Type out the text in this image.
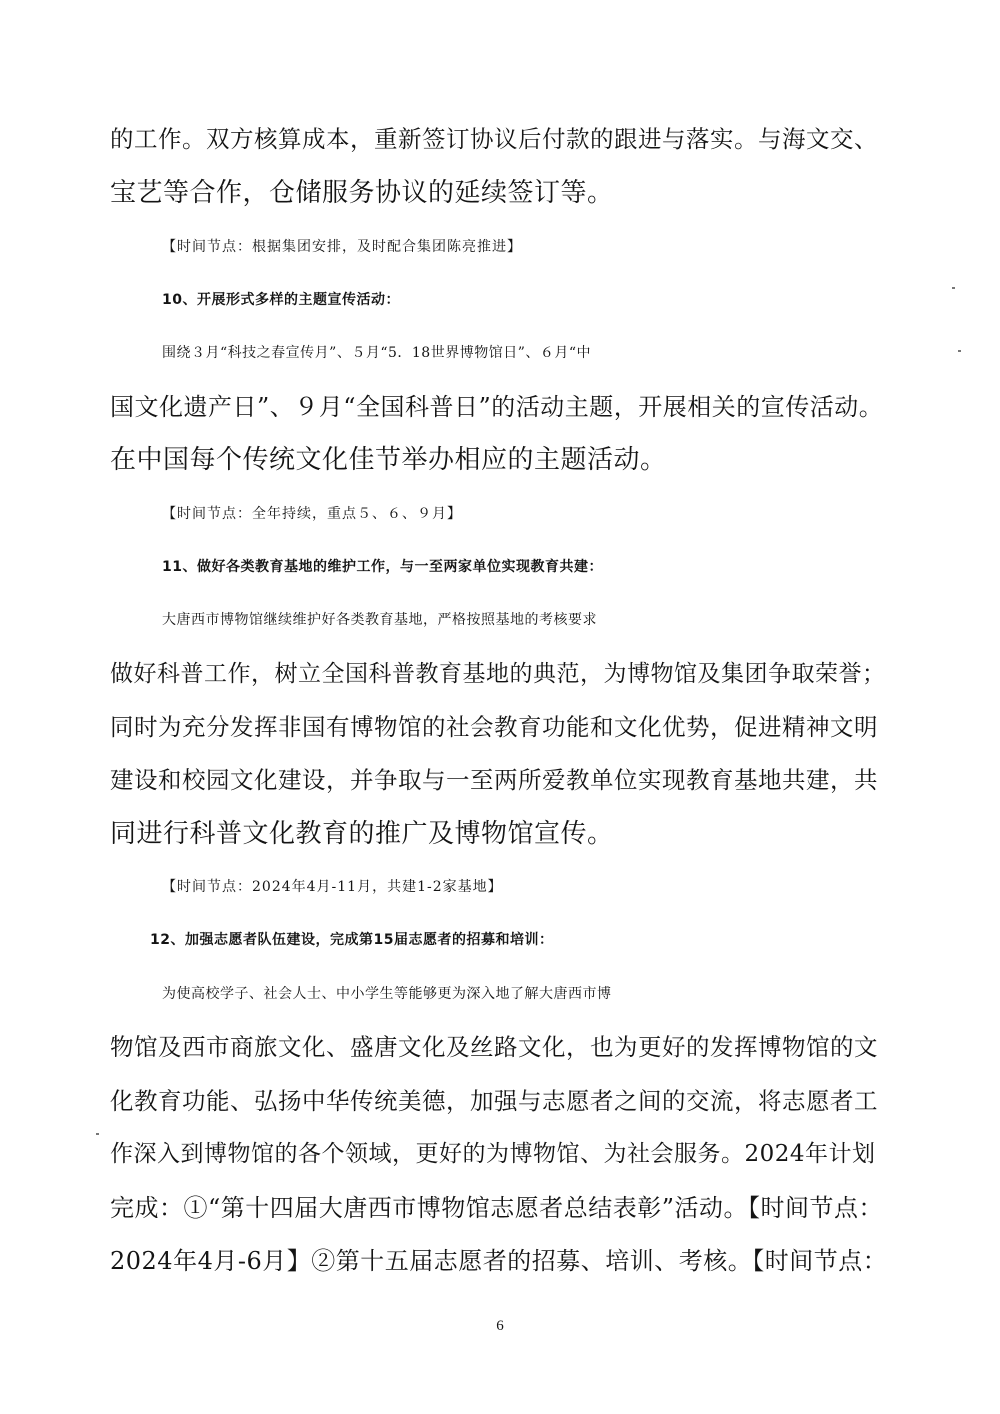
的工作。双方核算成本，重新签订协议后付款的跟进与落实。与海文交、
宝艺等合作，仓储服务协议的延续签订等。
【时间节点：根据集团安排，及时配合集团陈亮推进】
10、开展形式多样的主题宣传活动：
围绕３月“科技之春宣传月”、５月“5．18世界博物馆日”、６月“中
国文化遗产日”、９月“全国科普日”的活动主题，开展相关的宣传活动。
在中国每个传统文化佳节举办相应的主题活动。
【时间节点：全年持续，重点５、６、９月】
11、做好各类教育基地的维护工作，与一至两家单位实现教育共建：
大唐西市博物馆继续维护好各类教育基地，严格按照基地的考核要求
做好科普工作，树立全国科普教育基地的典范，为博物馆及集团争取荣誉；
同时为充分发挥非国有博物馆的社会教育功能和文化优势，促进精神文明
建设和校园文化建设，并争取与一至两所爱教单位实现教育基地共建，共
同进行科普文化教育的推广及博物馆宣传。
【时间节点：2024年4月-11月，共建1-2家基地】
12、加强志愿者队伍建设，完成第15届志愿者的招募和培训：
为使高校学子、社会人士、中小学生等能够更为深入地了解大唐西市博
物馆及西市商旅文化、盛唐文化及丝路文化，也为更好的发挥博物馆的文
化教育功能、弘扬中华传统美德，加强与志愿者之间的交流，将志愿者工
作深入到博物馆的各个领域，更好的为博物馆、为社会服务。2024年计划
完成：①“第十四届大唐西市博物馆志愿者总结表彰”活动。【时间节点：
2024年4月-6月】②第十五届志愿者的招募、培训、考核。【时间节点：
6
